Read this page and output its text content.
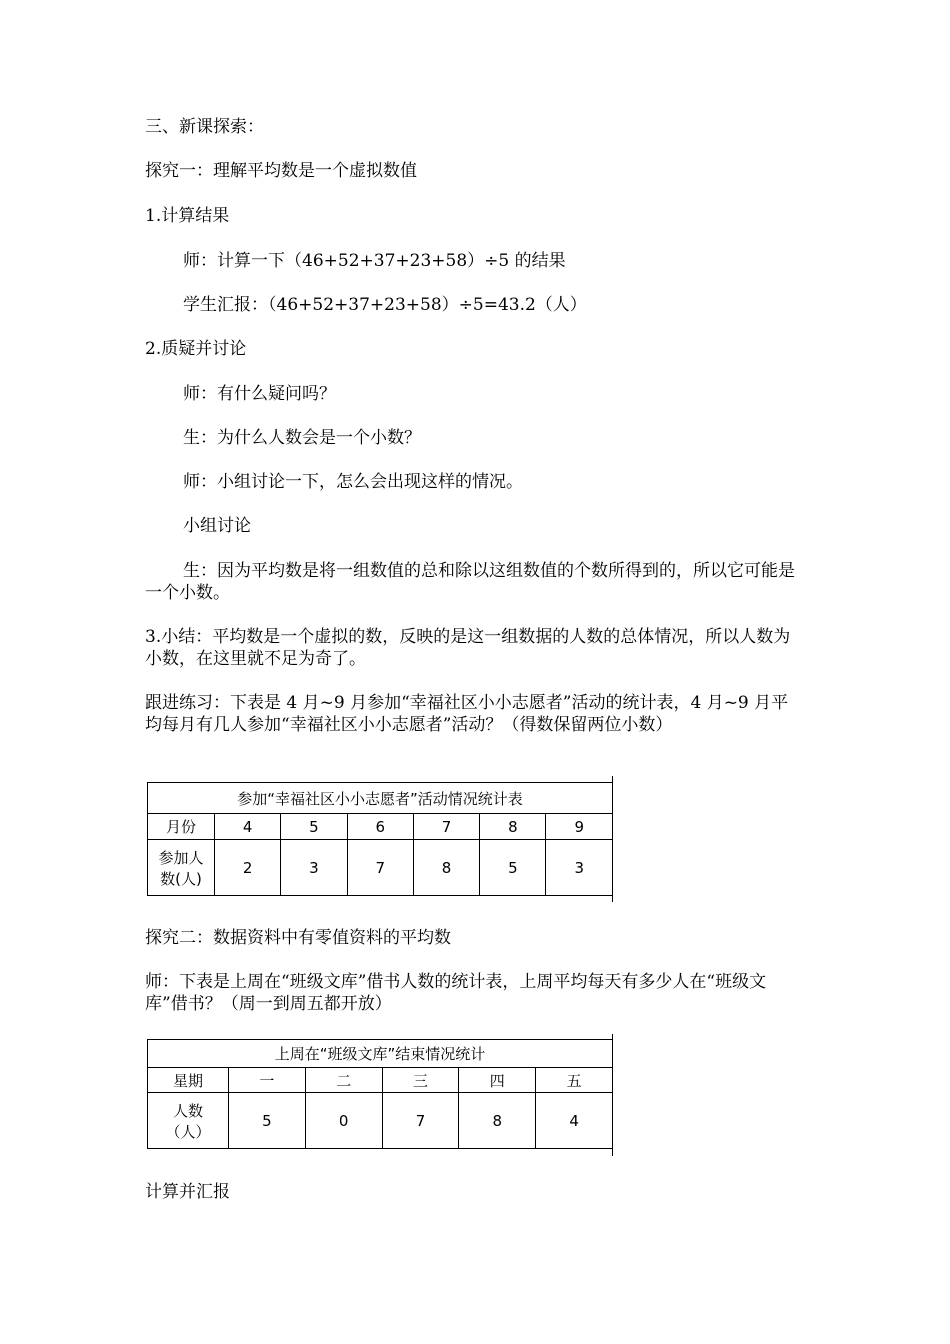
三、新课探索：
探究一：理解平均数是一个虚拟数值
1.计算结果
师：计算一下（46+52+37+23+58）÷5 的结果
学生汇报：（46+52+37+23+58）÷5=43.2（人）
2.质疑并讨论
师：有什么疑问吗？
生：为什么人数会是一个小数？
师：小组讨论一下，怎么会出现这样的情况。
小组讨论
生：因为平均数是将一组数值的总和除以这组数值的个数所得到的，所以它可能是一个小数。
3.小结：平均数是一个虚拟的数，反映的是这一组数据的人数的总体情况，所以人数为小数，在这里就不足为奇了。
跟进练习：下表是 4 月~9 月参加“幸福社区小小志愿者”活动的统计表，4 月~9 月平均每月有几人参加“幸福社区小小志愿者”活动？（得数保留两位小数）
参加“幸福社区小小志愿者”活动情况统计表						
月份	4	5	6	7	8	9
参加人
数(人)	2	3	7	8	5	3
探究二：数据资料中有零值资料的平均数
师：下表是上周在“班级文库”借书人数的统计表，上周平均每天有多少人在“班级文库”借书？（周一到周五都开放）
上周在“班级文库”结束情况统计					
星期	一	二	三	四	五
人数
（人）	5	0	7	8	4
计算并汇报
